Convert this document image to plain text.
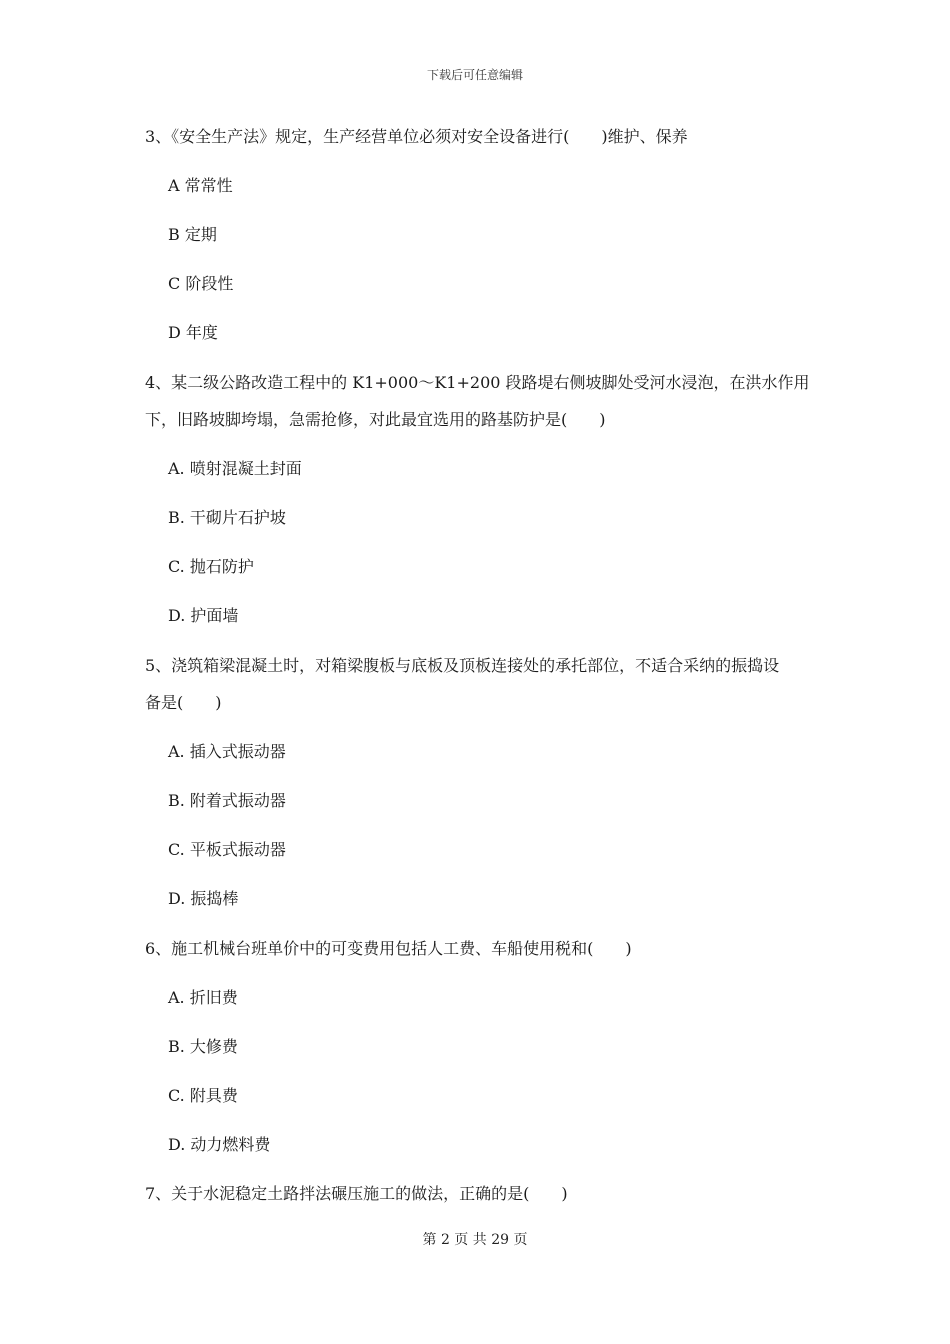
下载后可任意编辑
3、《安全生产法》规定，生产经营单位必须对安全设备进行(　　)维护、保养
A 常常性
B 定期
C 阶段性
D 年度
4、某二级公路改造工程中的 K1+000～K1+200 段路堤右侧坡脚处受河水浸泡，在洪水作用
下，旧路坡脚垮塌，急需抢修，对此最宜选用的路基防护是(　　)
A. 喷射混凝土封面
B. 干砌片石护坡
C. 抛石防护
D. 护面墙
5、浇筑箱梁混凝土时，对箱梁腹板与底板及顶板连接处的承托部位，不适合采纳的振捣设
备是(　　)
A. 插入式振动器
B. 附着式振动器
C. 平板式振动器
D. 振捣棒
6、施工机械台班单价中的可变费用包括人工费、车船使用税和(　　)
A. 折旧费
B. 大修费
C. 附具费
D. 动力燃料费
7、关于水泥稳定土路拌法碾压施工的做法，正确的是(　　)
第 2 页 共 29 页
